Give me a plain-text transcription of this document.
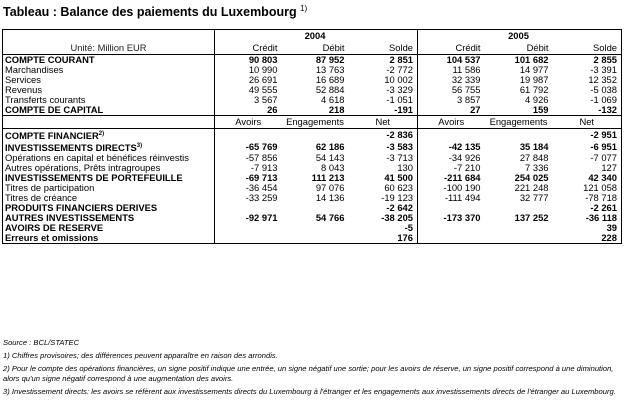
Tableau : Balance des paiements du Luxembourg $^{1)}$
		2004			2005	
Unité: Million EUR	Crédit	Débit	Solde	Crédit	Débit	Solde
COMPTE COURANT	90 803	87 952	2 851	104 537	101 682	2 855
Marchandises	10 990	13 763	-2 772	11 586	14 977	-3 391
Services	26 691	16 689	10 002	32 339	19 987	12 352
Revenus	49 555	52 884	-3 329	56 755	61 792	-5 038
Transferts courants	3 567	4 618	-1 051	3 857	4 926	-1 069
COMPTE DE CAPITAL	26	218	-191	27	159	-132
	Avoirs	Engagements	Net	Avoirs	Engagements	Net
COMPTE FINANCIER$^{2)}$			-2 836			-2 951
INVESTISSEMENTS DIRECTS$^{3)}$	-65 769	62 186	-3 583	-42 135	35 184	-6 951
Opérations en capital et bénéfices réinvestis	-57 856	54 143	-3 713	-34 926	27 848	-7 077
Autres opérations, Prêts intragroupes	-7 913	8 043	130	-7 210	7 336	127
INVESTISSEMENTS DE PORTEFEUILLE	-69 713	111 213	41 500	-211 684	254 025	42 340
Titres de participation	-36 454	97 076	60 623	-100 190	221 248	121 058
Titres de créance	-33 259	14 136	-19 123	-111 494	32 777	-78 718
PRODUITS FINANCIERS DERIVES			-2 642			-2 261
AUTRES INVESTISSEMENTS	-92 971	54 766	-38 205	-173 370	137 252	-36 118
AVOIRS DE RESERVE			-5			39
Erreurs et omissions			176			228
Source : BCL/STATEC
1) Chiffres provisoires; des différences peuvent apparaître en raison des arrondis.
2) Pour le compte des opérations financières, un signe positif indique une entrée, un signe négatif une sortie; pour les avoirs de réserve, un signe positif correspond à une diminution, alors qu'un signe négatif correspond à une augmentation des avoirs.
3) Investissement directs: les avoirs se réfèrent aux investissements directs du Luxembourg à l'étranger et les engagements aux investissements directs de l'étranger au Luxembourg.
